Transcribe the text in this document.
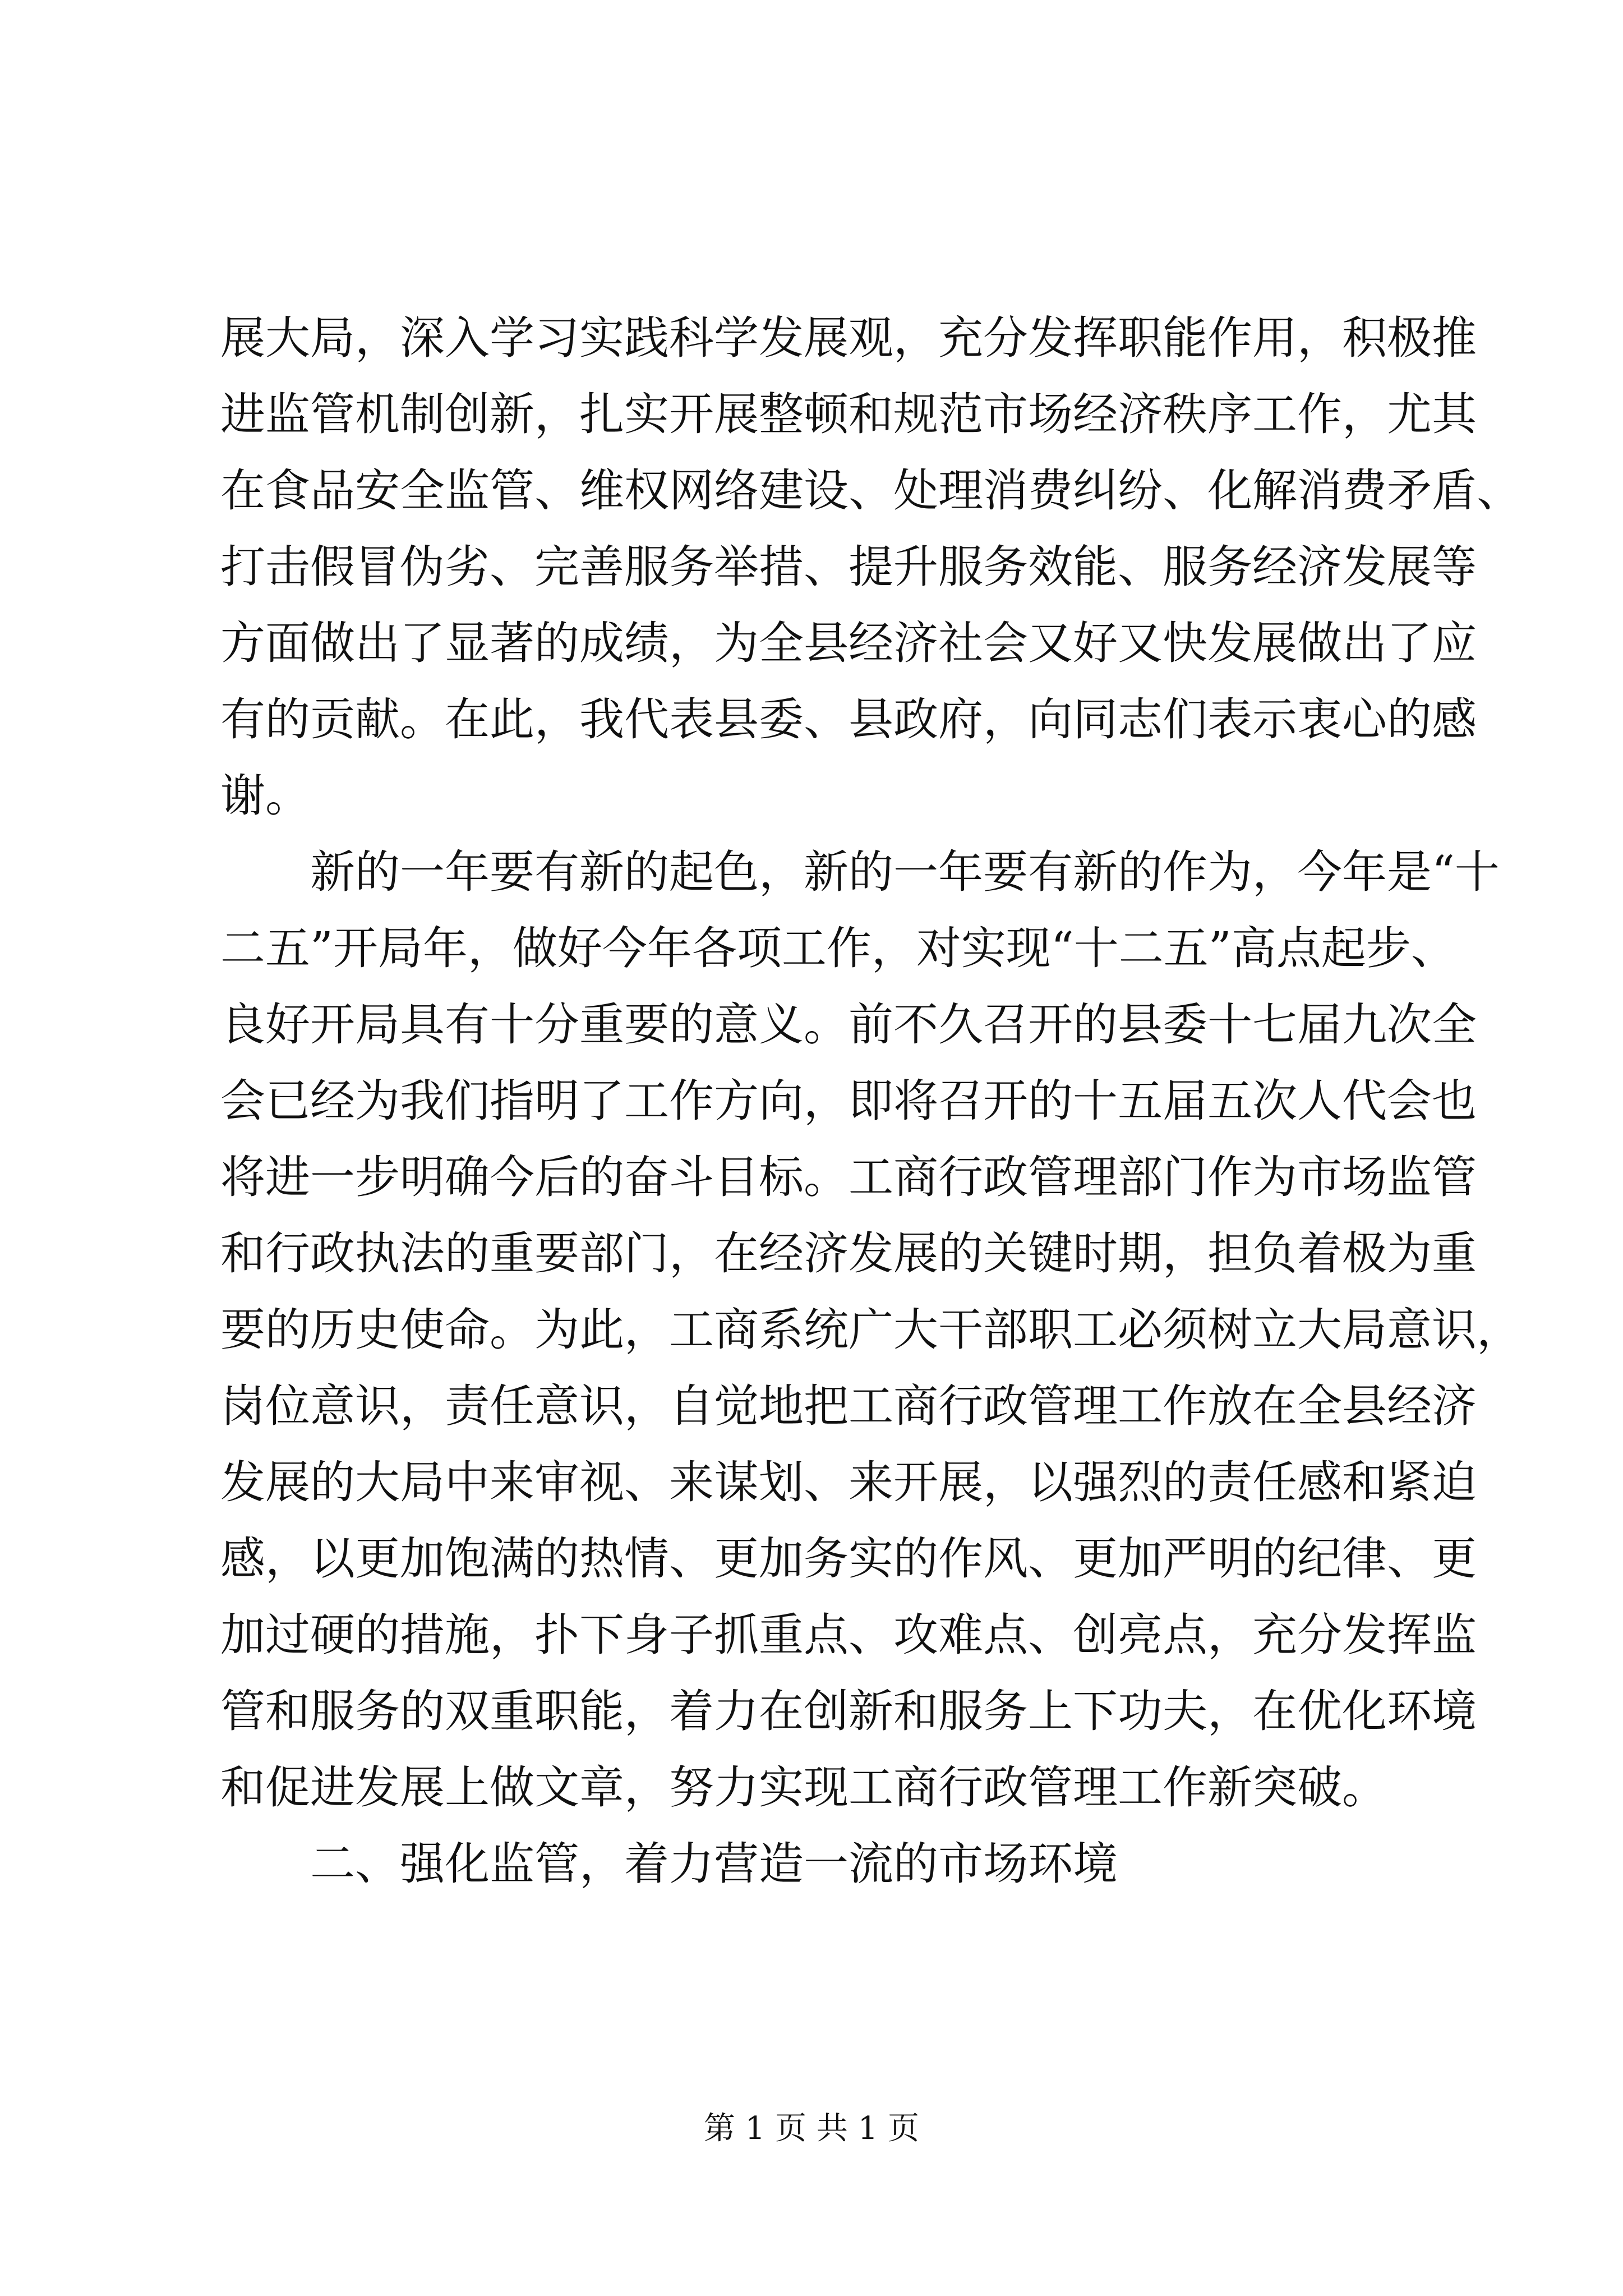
展大局，深入学习实践科学发展观，充分发挥职能作用，积极推
进监管机制创新，扎实开展整顿和规范市场经济秩序工作，尤其
在食品安全监管、维权网络建设、处理消费纠纷、化解消费矛盾、
打击假冒伪劣、完善服务举措、提升服务效能、服务经济发展等
方面做出了显著的成绩，为全县经济社会又好又快发展做出了应
有的贡献。在此，我代表县委、县政府，向同志们表示衷心的感
谢。
新的一年要有新的起色，新的一年要有新的作为，今年是“十
二五”开局年，做好今年各项工作，对实现“十二五”高点起步、
良好开局具有十分重要的意义。前不久召开的县委十七届九次全
会已经为我们指明了工作方向，即将召开的十五届五次人代会也
将进一步明确今后的奋斗目标。工商行政管理部门作为市场监管
和行政执法的重要部门，在经济发展的关键时期，担负着极为重
要的历史使命。为此，工商系统广大干部职工必须树立大局意识，
岗位意识，责任意识，自觉地把工商行政管理工作放在全县经济
发展的大局中来审视、来谋划、来开展，以强烈的责任感和紧迫
感，以更加饱满的热情、更加务实的作风、更加严明的纪律、更
加过硬的措施，扑下身子抓重点、攻难点、创亮点，充分发挥监
管和服务的双重职能，着力在创新和服务上下功夫，在优化环境
和促进发展上做文章，努力实现工商行政管理工作新突破。
二、强化监管，着力营造一流的市场环境
第 1 页 共 1 页
